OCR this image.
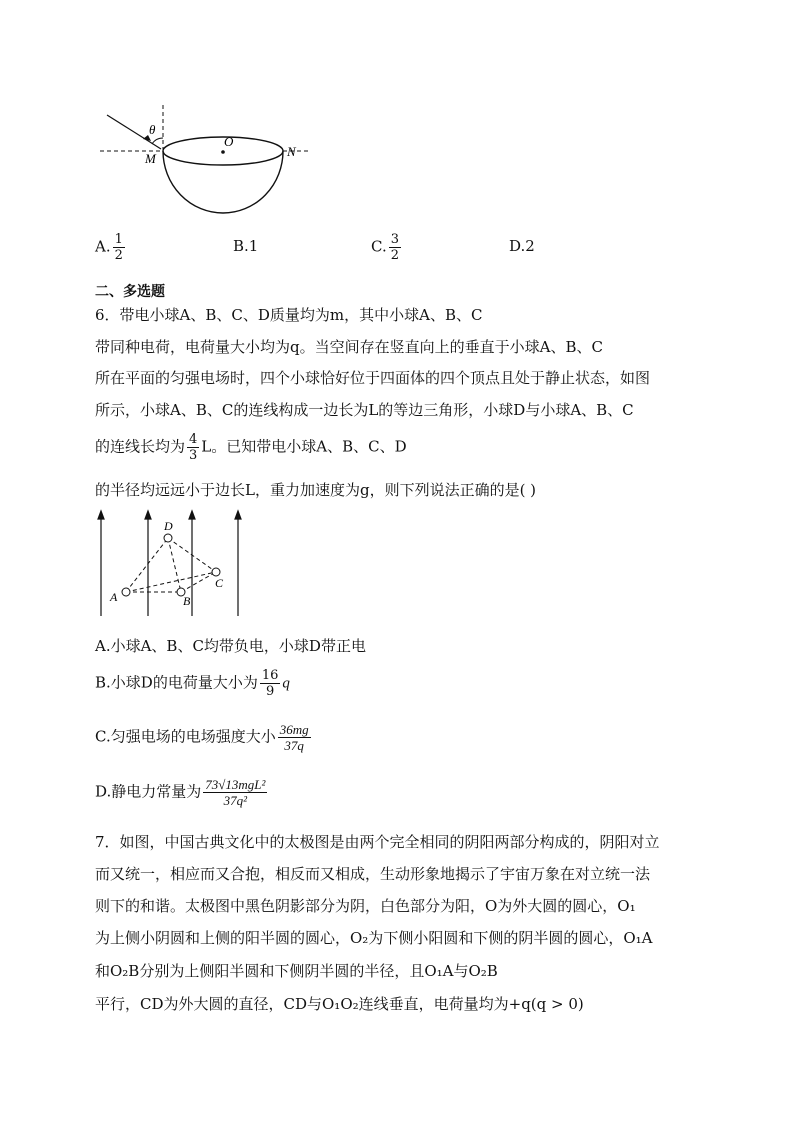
θ
O
M	N
A. $\frac{1}{2}$	B.1	C. $\frac{3}{2}$	D.2
二、多选题
6．带电小球A、B、C、D质量均为m，其中小球A、B、C
带同种电荷，电荷量大小均为q。当空间存在竖直向上的垂直于小球A、B、C
所在平面的匀强电场时，四个小球恰好位于四面体的四个顶点且处于静止状态，如图
所示，小球A、B、C的连线构成一边长为L的等边三角形，小球D与小球A、B、C
的连线长均为 $\frac{4}{3}$ L。已知带电小球A、B、C、D
的半径均远远小于边长L，重力加速度为g，则下列说法正确的是( )
D
A	B
C
A.小球A、B、C均带负电，小球D带正电
B.小球D的电荷量大小为 $\frac{16}{9}$ q
C.匀强电场的电场强度大小 $\frac{36mg}{37q}$
D.静电力常量为 $\frac{\text{73√13mgL²}}{\text{37q²}}$
7．如图，中国古典文化中的太极图是由两个完全相同的阴阳两部分构成的，阴阳对立
而又统一，相应而又合抱，相反而又相成，生动形象地揭示了宇宙万象在对立统一法
则下的和谐。太极图中黑色阴影部分为阴，白色部分为阳，O为外大圆的圆心，O₁
为上侧小阴圆和上侧的阳半圆的圆心，O₂为下侧小阳圆和下侧的阴半圆的圆心，O₁A
和O₂B分别为上侧阳半圆和下侧阴半圆的半径，且O₁A与O₂B
平行，CD为外大圆的直径，CD与O₁O₂连线垂直，电荷量均为+q(q > 0)
